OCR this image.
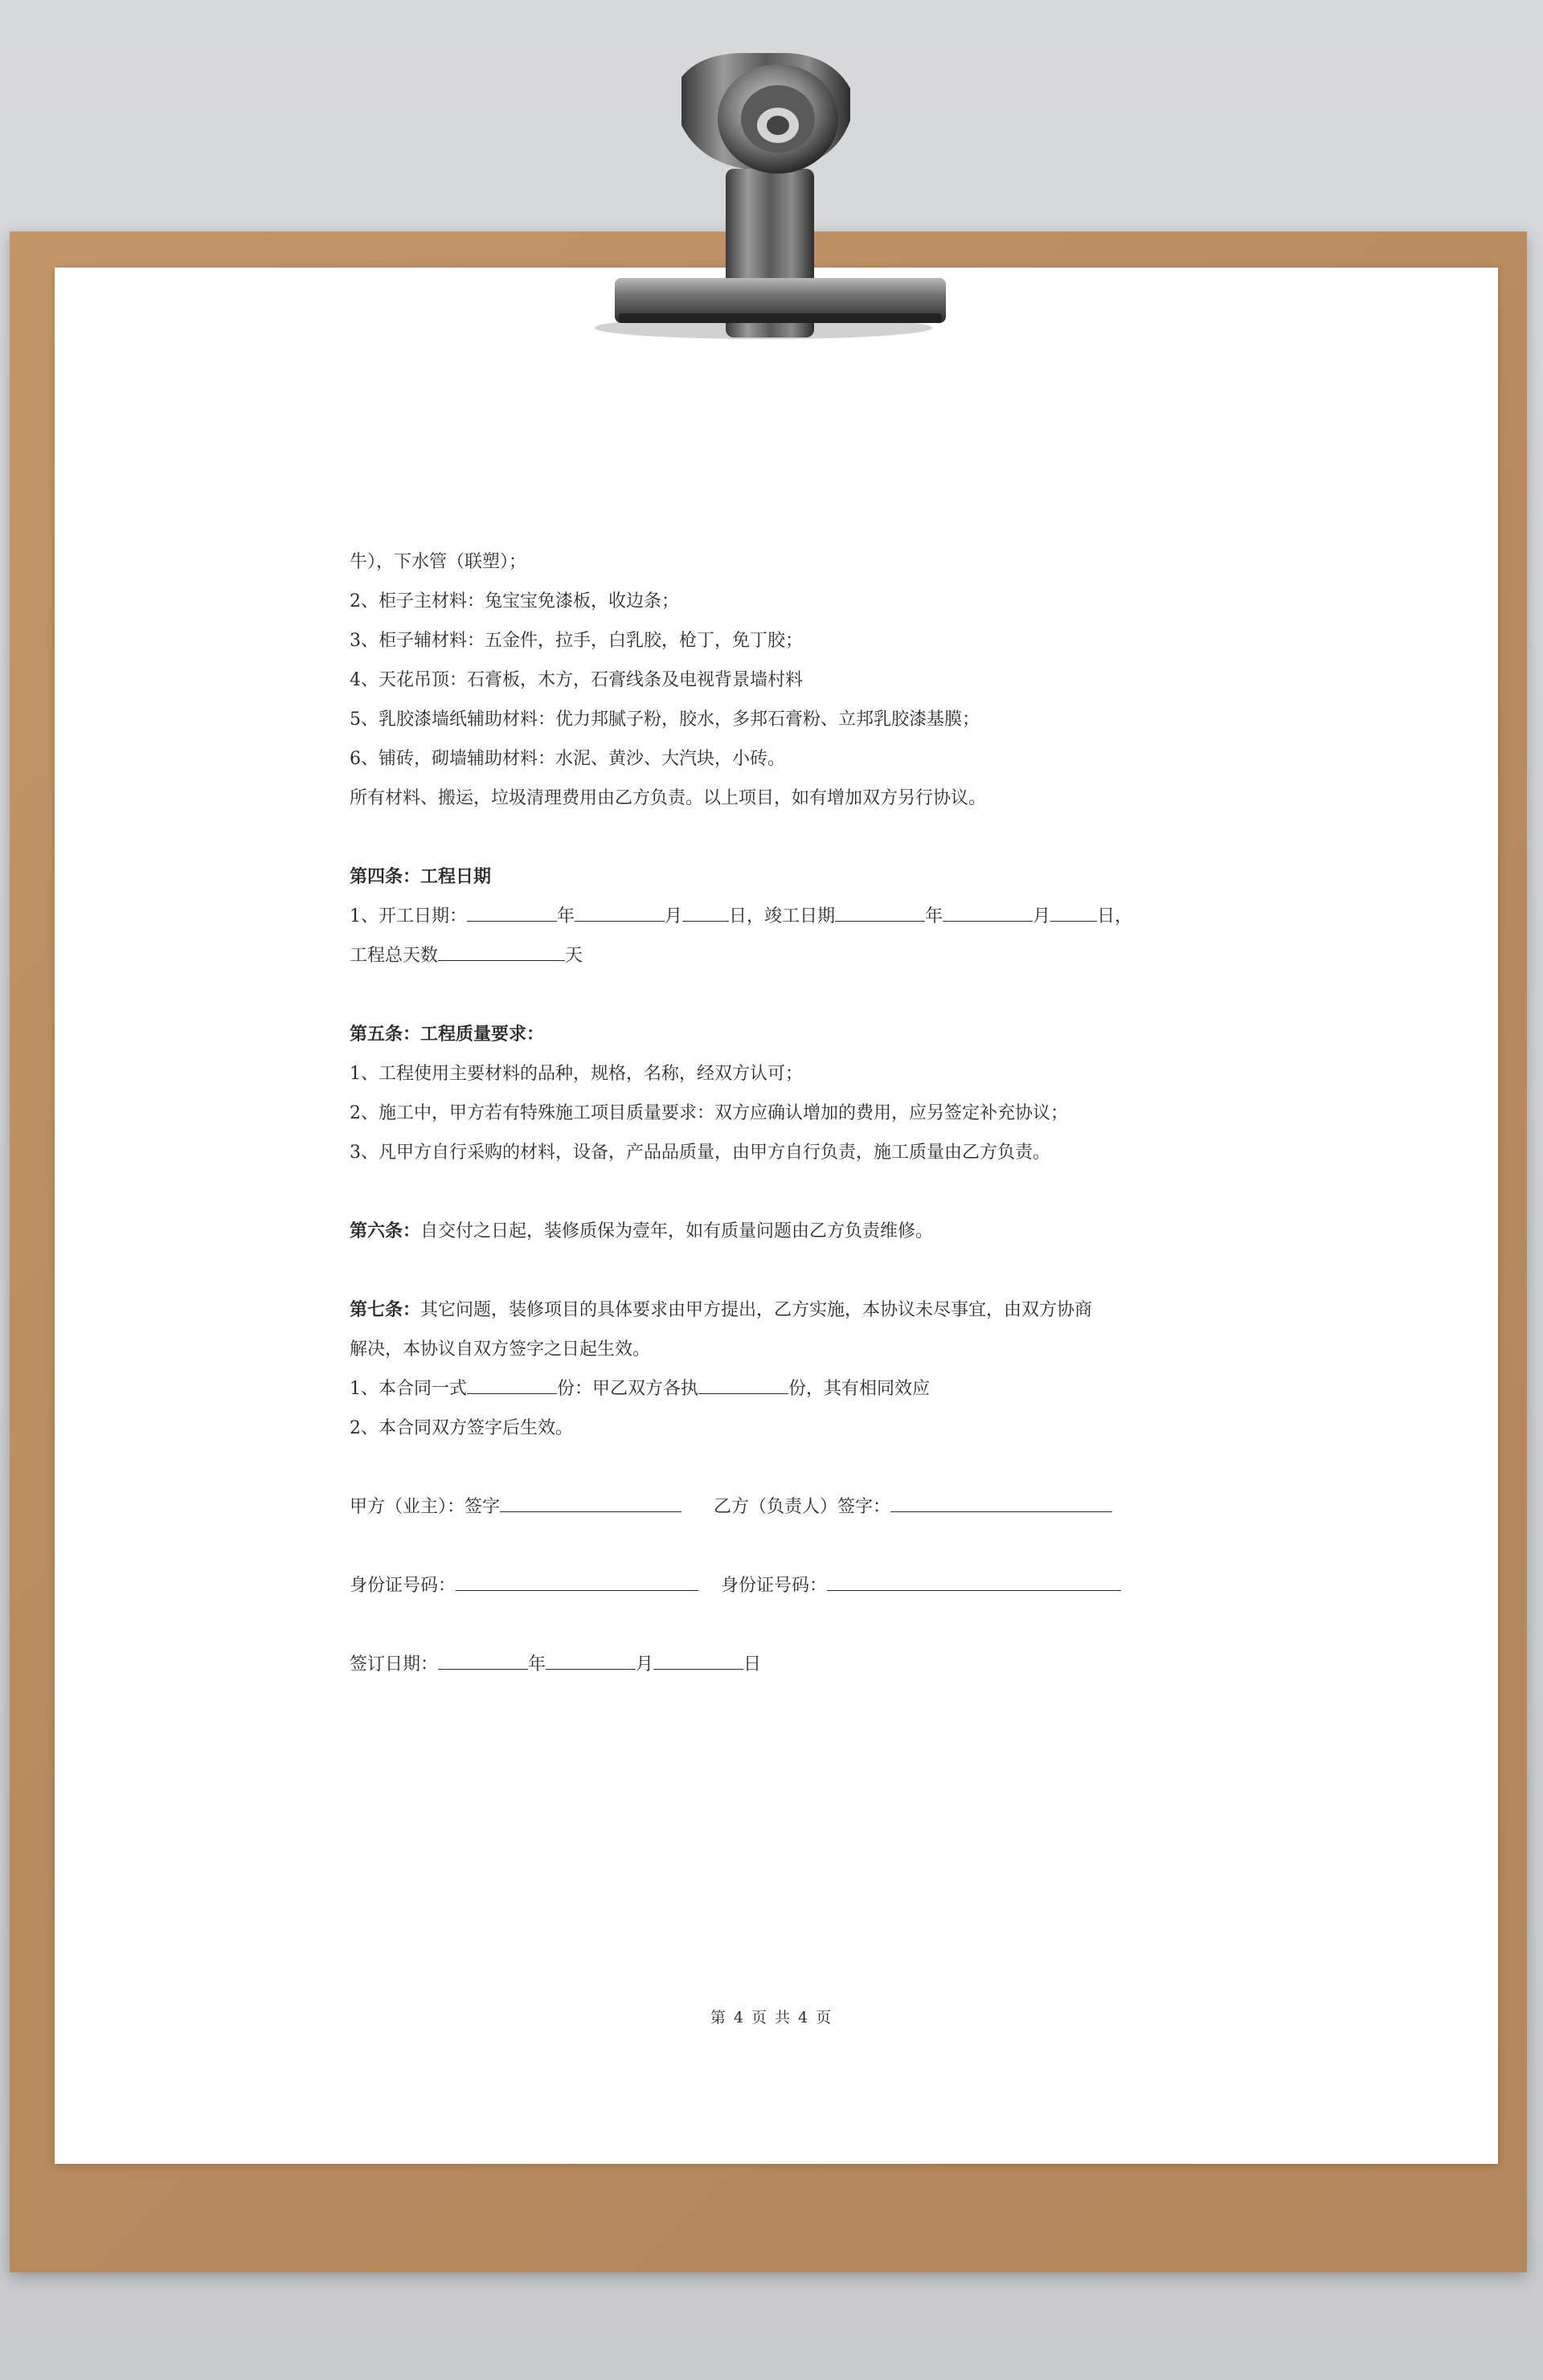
牛），下水管（联塑）；
2、柜子主材料：兔宝宝免漆板，收边条；
3、柜子辅材料：五金件，拉手，白乳胶，枪丁，免丁胶；
4、天花吊顶：石膏板，木方，石膏线条及电视背景墙村料
5、乳胶漆墙纸辅助材料：优力邦腻子粉，胶水，多邦石膏粉、立邦乳胶漆基膜；
6、铺砖，砌墙辅助材料：水泥、黄沙、大汽块，小砖。
所有材料、搬运，垃圾清理费用由乙方负责。以上项目，如有增加双方另行协议。
第四条：工程日期
1、开工日期：	年	月	日，竣工日期	年	月	日，
工程总天数	天
第五条：工程质量要求：
1、工程使用主要材料的品种，规格，名称，经双方认可；
2、施工中，甲方若有特殊施工项目质量要求：双方应确认增加的费用，应另签定补充协议；
3、凡甲方自行采购的材料，设备，产品品质量，由甲方自行负责，施工质量由乙方负责。
第六条：自交付之日起，装修质保为壹年，如有质量问题由乙方负责维修。
第七条：其它问题，装修项目的具体要求由甲方提出，乙方实施，本协议未尽事宜，由双方协商
解决，本协议自双方签字之日起生效。
1、本合同一式	份：甲乙双方各执	份，其有相同效应
2、本合同双方签字后生效。
甲方（业主）：签字	乙方（负责人）签字：
身份证号码：	身份证号码：
签订日期：	年	月	日
第 4 页 共 4 页
